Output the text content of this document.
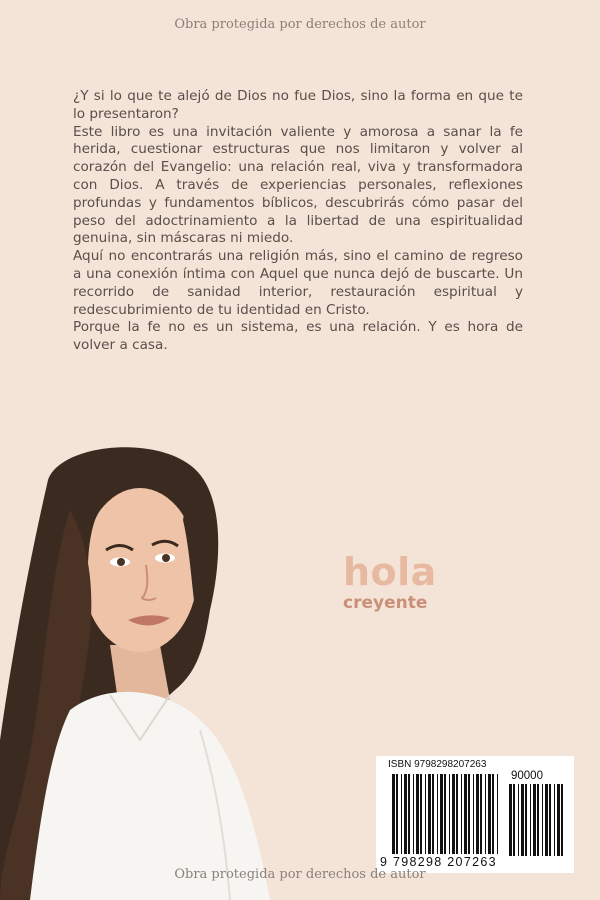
Obra protegida por derechos de autor

¿Y si lo que te alejó de Dios no fue Dios, sino la forma en que te lo presentaron?

Este libro es una invitación valiente y amorosa a sanar la fe herida, cuestionar estructuras que nos limitaron y volver al corazón del Evangelio: una relación real, viva y transformadora con Dios. A través de experiencias personales, reflexiones profundas y fundamentos bíblicos, descubrirás cómo pasar del peso del adoctrinamiento a la libertad de una espiritualidad genuina, sin máscaras ni miedo.

Aquí no encontrarás una religión más, sino el camino de regreso a una conexión íntima con Aquel que nunca dejó de buscarte. Un recorrido de sanidad interior, restauración espiritual y redescubrimiento de tu identidad en Cristo.

Porque la fe no es un sistema, es una relación. Y es hora de volver a casa.

hola
creyente
ISBN 9798298207263
90000
9 798298 207263
Obra protegida por derechos de autor
